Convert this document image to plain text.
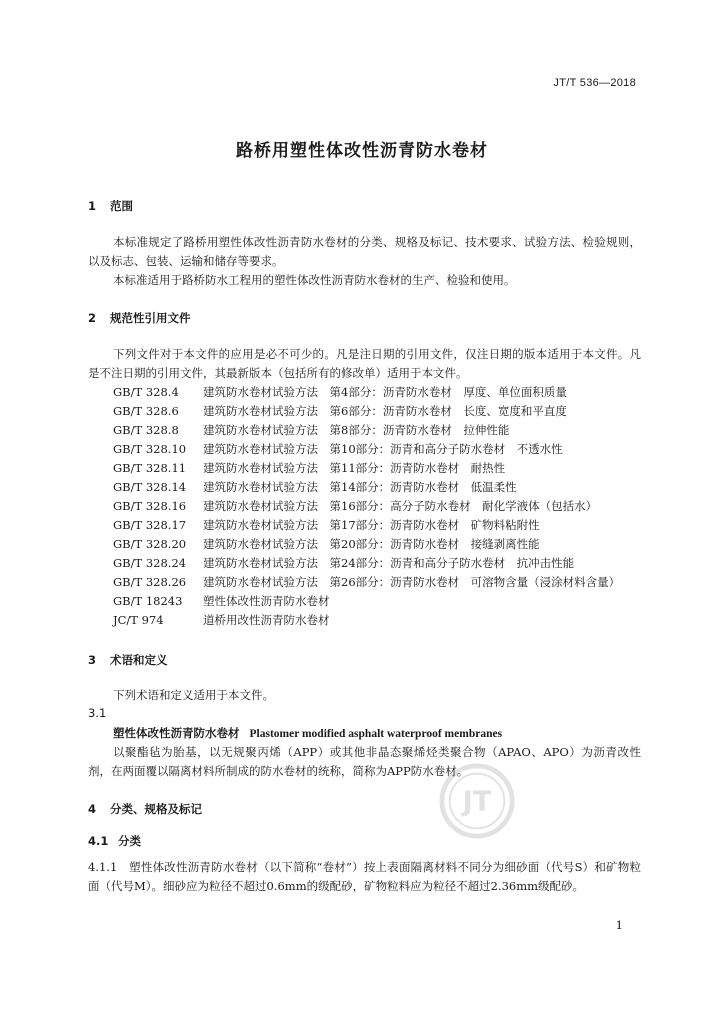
JT/T 536—2018
路桥用塑性体改性沥青防水卷材
1 范围
本标准规定了路桥用塑性体改性沥青防水卷材的分类、规格及标记、技术要求、试验方法、检验规则，以及标志、包装、运输和储存等要求。
本标准适用于路桥防水工程用的塑性体改性沥青防水卷材的生产、检验和使用。
2 规范性引用文件
下列文件对于本文件的应用是必不可少的。凡是注日期的引用文件，仅注日期的版本适用于本文件。凡是不注日期的引用文件，其最新版本（包括所有的修改单）适用于本文件。
GB/T 328.4	建筑防水卷材试验方法　第4部分：沥青防水卷材　厚度、单位面积质量
GB/T 328.6	建筑防水卷材试验方法　第6部分：沥青防水卷材　长度、宽度和平直度
GB/T 328.8	建筑防水卷材试验方法　第8部分：沥青防水卷材　拉伸性能
GB/T 328.10	建筑防水卷材试验方法　第10部分：沥青和高分子防水卷材　不透水性
GB/T 328.11	建筑防水卷材试验方法　第11部分：沥青防水卷材　耐热性
GB/T 328.14	建筑防水卷材试验方法　第14部分：沥青防水卷材　低温柔性
GB/T 328.16	建筑防水卷材试验方法　第16部分：高分子防水卷材　耐化学液体（包括水）
GB/T 328.17	建筑防水卷材试验方法　第17部分：沥青防水卷材　矿物料粘附性
GB/T 328.20	建筑防水卷材试验方法　第20部分：沥青防水卷材　接缝剥离性能
GB/T 328.24	建筑防水卷材试验方法　第24部分：沥青和高分子防水卷材　抗冲击性能
GB/T 328.26	建筑防水卷材试验方法　第26部分：沥青防水卷材　可溶物含量（浸涂材料含量）
GB/T 18243	塑性体改性沥青防水卷材
JC/T 974	道桥用改性沥青防水卷材
3 术语和定义
下列术语和定义适用于本文件。
3.1
塑性体改性沥青防水卷材 Plastomer modified asphalt waterproof membranes
以聚酯毡为胎基，以无规聚丙烯（APP）或其他非晶态聚烯烃类聚合物（APAO、APO）为沥青改性剂，在两面覆以隔离材料所制成的防水卷材的统称，简称为APP防水卷材。
4 分类、规格及标记
4.1 分类
4.1.1　塑性体改性沥青防水卷材（以下简称“卷材”）按上表面隔离材料不同分为细砂面（代号S）和矿物粒面（代号M）。细砂应为粒径不超过0.6mm的级配砂，矿物粒料应为粒径不超过2.36mm级配砂。
1
JT
